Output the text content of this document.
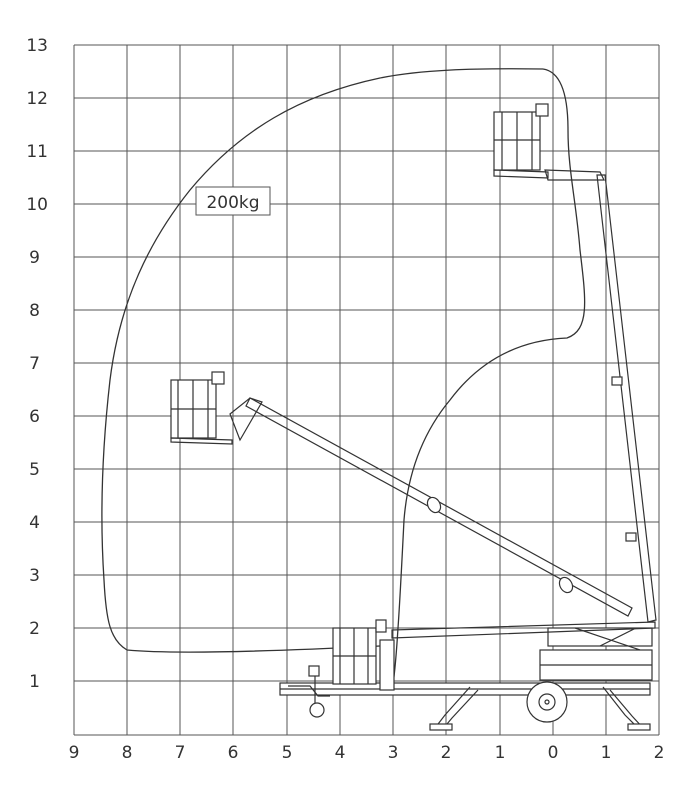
13
12
11
10
9
8
7
6
5
4
3
2
1
9 8 7 6	5 4 3 2	1 0 1 2
200kg
